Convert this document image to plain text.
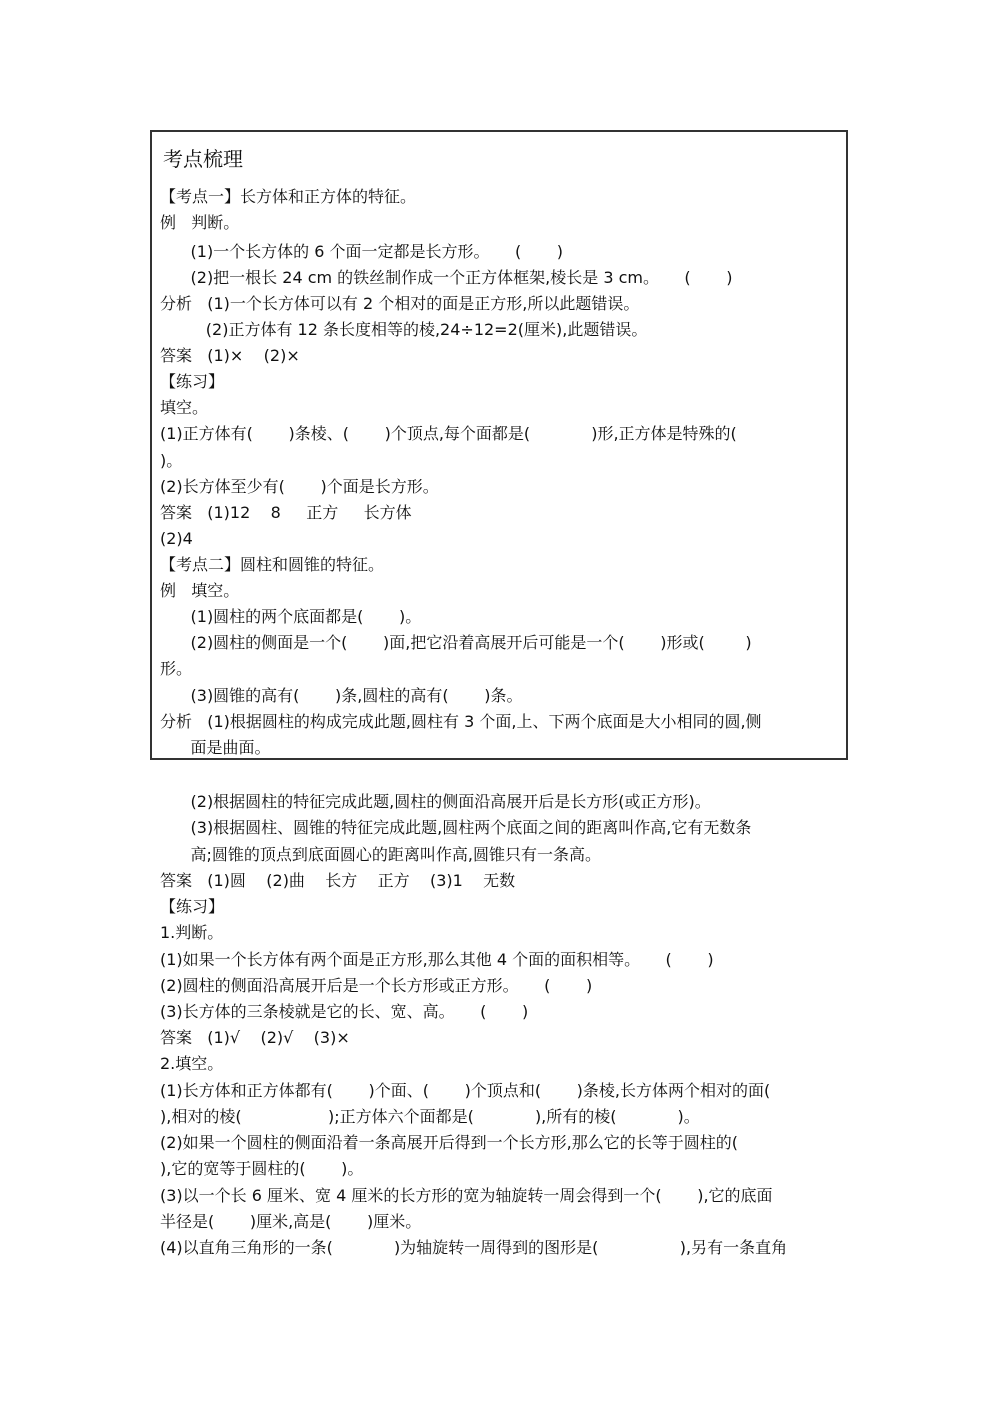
考点梳理
【考点一】长方体和正方体的特征。
例   判断。
(1)一个长方体的 6 个面一定都是长方形。     (       )
(2)把一根长 24 cm 的铁丝制作成一个正方体框架,棱长是 3 cm。     (       )
分析   (1)一个长方体可以有 2 个相对的面是正方形,所以此题错误。
(2)正方体有 12 条长度相等的棱,24÷12=2(厘米),此题错误。
答案   (1)×    (2)×
【练习】
填空。
(1)正方体有(       )条棱、(       )个顶点,每个面都是(            )形,正方体是特殊的(
)。
(2)长方体至少有(       )个面是长方形。
答案   (1)12    8     正方     长方体
(2)4
【考点二】圆柱和圆锥的特征。
例   填空。
(1)圆柱的两个底面都是(       )。
(2)圆柱的侧面是一个(       )面,把它沿着高展开后可能是一个(       )形或(        )
形。
(3)圆锥的高有(       )条,圆柱的高有(       )条。
分析   (1)根据圆柱的构成完成此题,圆柱有 3 个面,上、下两个底面是大小相同的圆,侧
面是曲面。
(2)根据圆柱的特征完成此题,圆柱的侧面沿高展开后是长方形(或正方形)。
(3)根据圆柱、圆锥的特征完成此题,圆柱两个底面之间的距离叫作高,它有无数条
高;圆锥的顶点到底面圆心的距离叫作高,圆锥只有一条高。
答案   (1)圆    (2)曲    长方    正方    (3)1    无数
【练习】
1.判断。
(1)如果一个长方体有两个面是正方形,那么其他 4 个面的面积相等。     (       )
(2)圆柱的侧面沿高展开后是一个长方形或正方形。     (       )
(3)长方体的三条棱就是它的长、宽、高。     (       )
答案   (1)√    (2)√    (3)×
2.填空。
(1)长方体和正方体都有(       )个面、(       )个顶点和(       )条棱,长方体两个相对的面(
),相对的棱(                 );正方体六个面都是(            ),所有的棱(            )。
(2)如果一个圆柱的侧面沿着一条高展开后得到一个长方形,那么它的长等于圆柱的(
),它的宽等于圆柱的(       )。
(3)以一个长 6 厘米、宽 4 厘米的长方形的宽为轴旋转一周会得到一个(       ),它的底面
半径是(       )厘米,高是(       )厘米。
(4)以直角三角形的一条(            )为轴旋转一周得到的图形是(                ),另有一条直角
